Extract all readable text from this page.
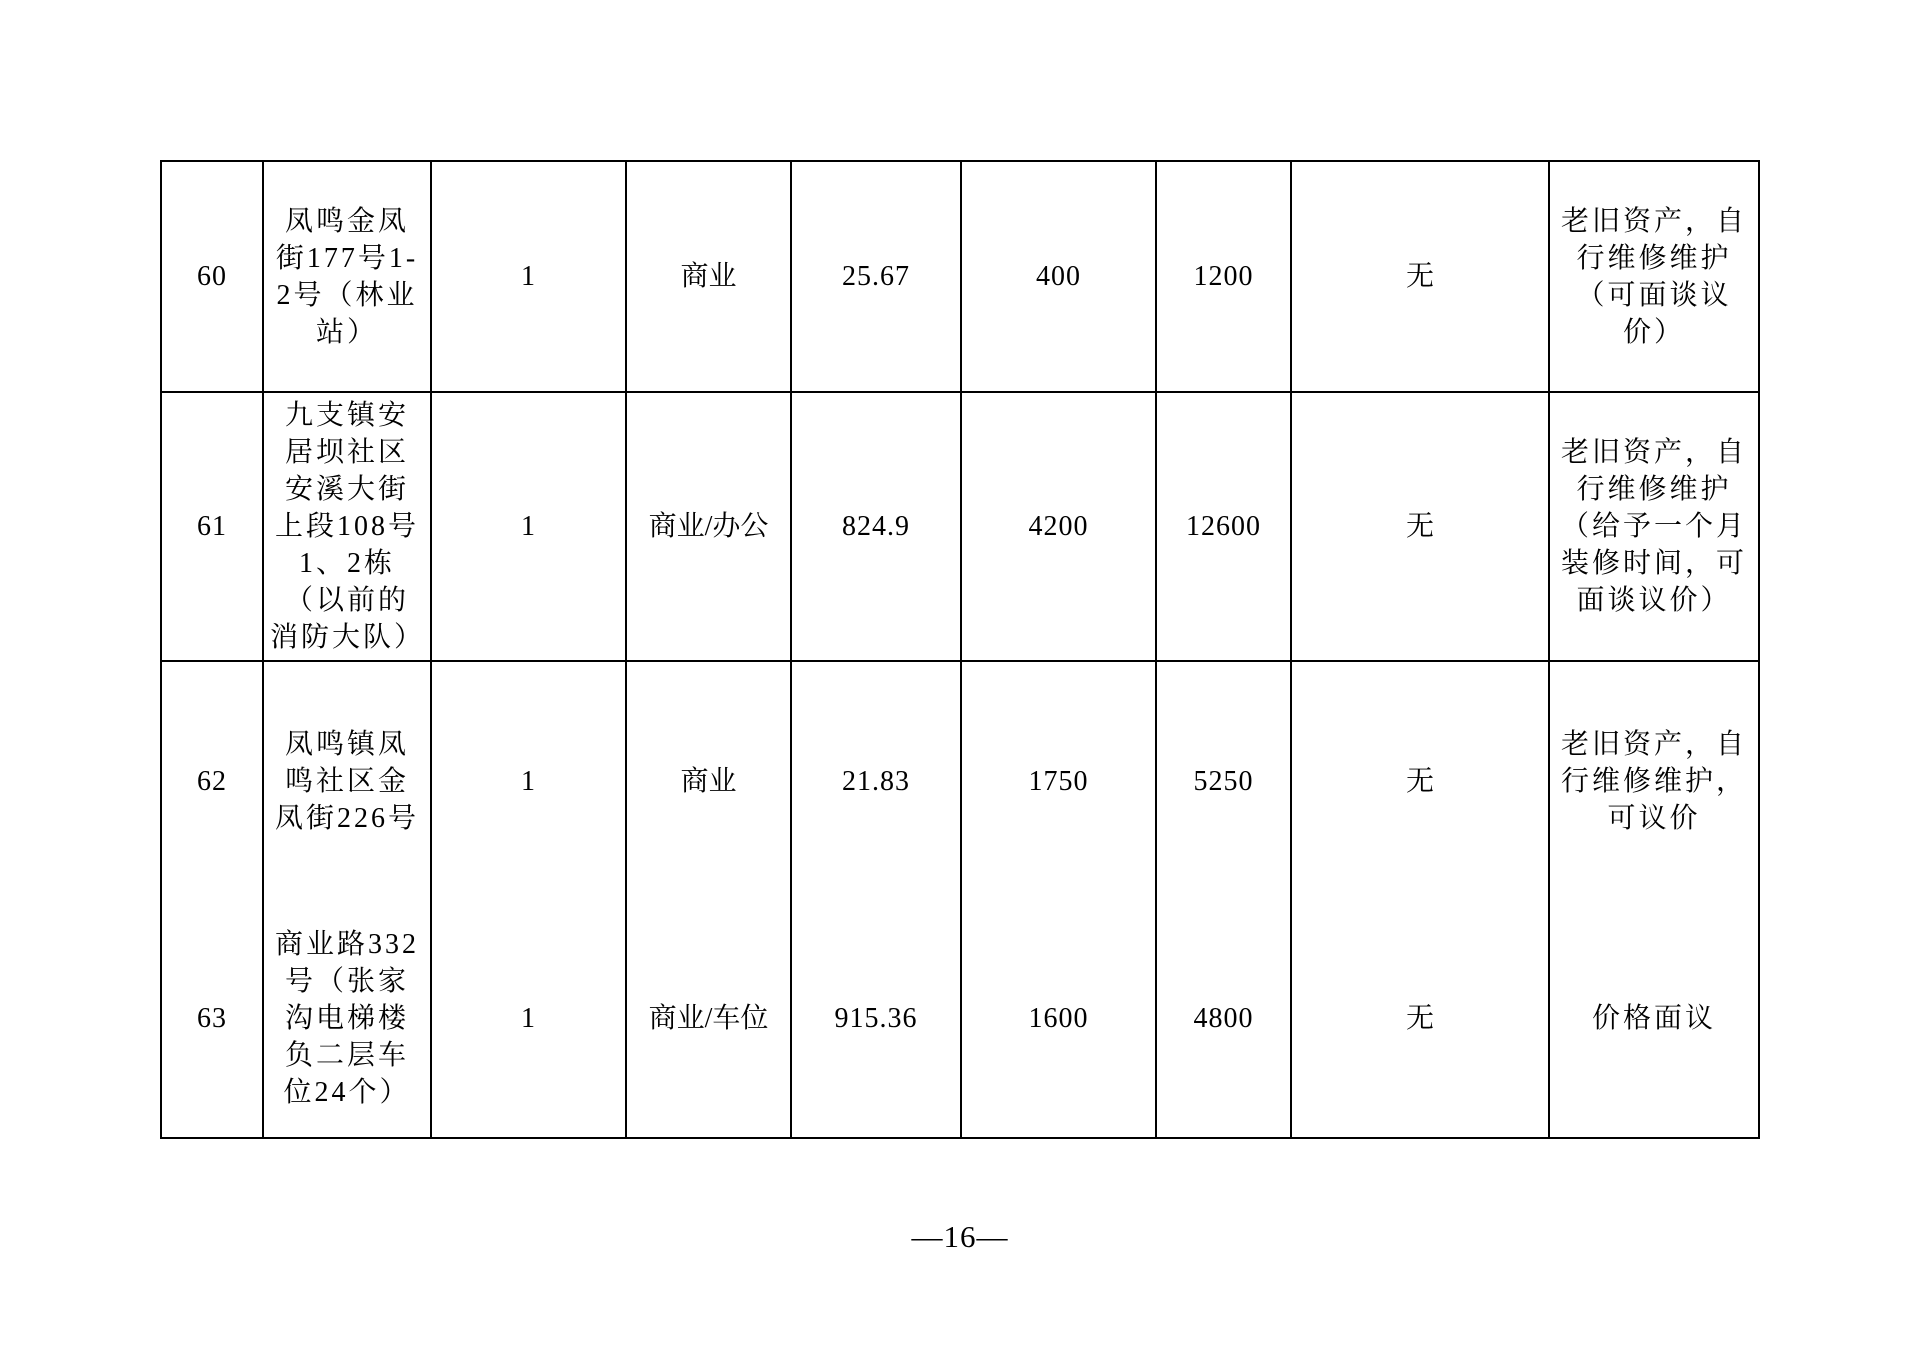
60	凤鸣金凤街177号1-2号（林业站）	1	商业	25.67	400	1200	无	老旧资产，自行维修维护（可面谈议价）
61	九支镇安居坝社区安溪大街上段108号1、2栋（以前的消防大队）	1	商业/办公	824.9	4200	12600	无	老旧资产，自行维修维护（给予一个月装修时间，可面谈议价）
62	凤鸣镇凤鸣社区金凤街226号	1	商业	21.83	1750	5250	无	老旧资产，自行维修维护，可议价
63	商业路332号（张家沟电梯楼负二层车位24个）	1	商业/车位	915.36	1600	4800	无	价格面议
—16—
